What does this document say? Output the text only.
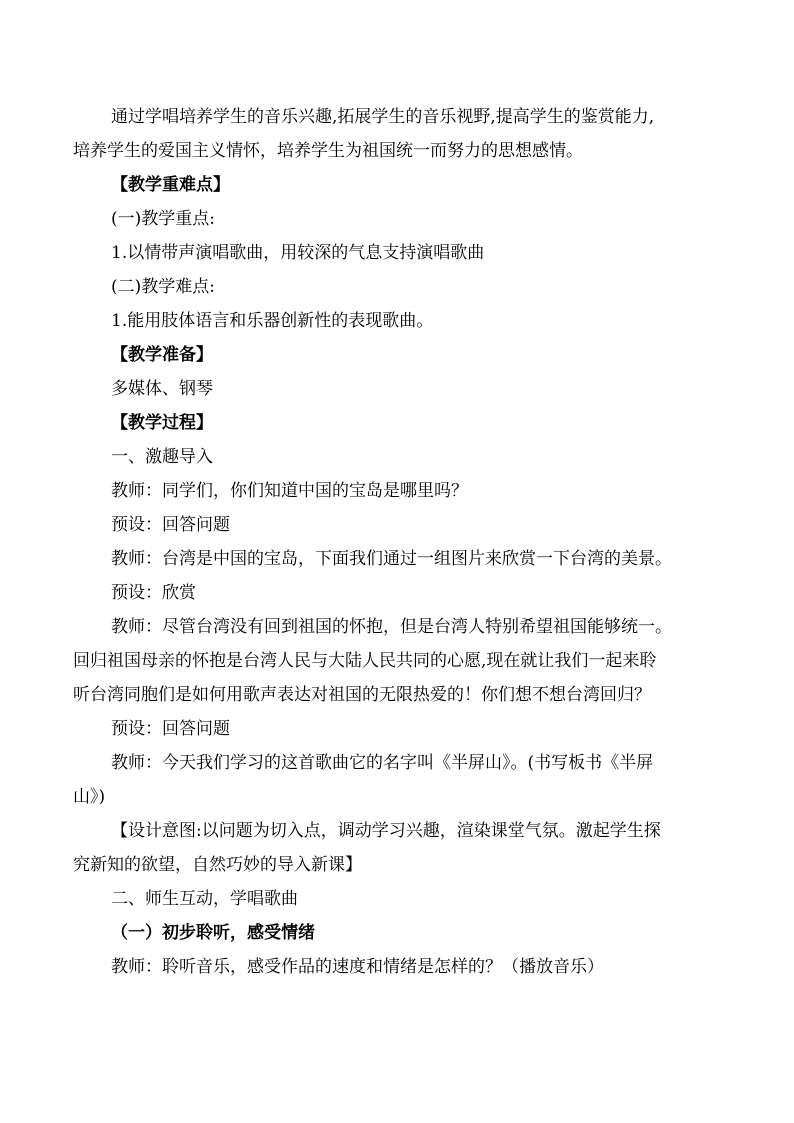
通过学唱培养学生的音乐兴趣,拓展学生的音乐视野,提高学生的鉴赏能力,

培养学生的爱国主义情怀，培养学生为祖国统一而努力的思想感情。

【教学重难点】

(一)教学重点:

1.以情带声演唱歌曲，用较深的气息支持演唱歌曲

(二)教学难点:

1.能用肢体语言和乐器创新性的表现歌曲。

【教学准备】

多媒体、钢琴

【教学过程】

一、激趣导入

教师：同学们，你们知道中国的宝岛是哪里吗？

预设：回答问题

教师：台湾是中国的宝岛，下面我们通过一组图片来欣赏一下台湾的美景。

预设：欣赏

教师：尽管台湾没有回到祖国的怀抱，但是台湾人特别希望祖国能够统一。

回归祖国母亲的怀抱是台湾人民与大陆人民共同的心愿,现在就让我们一起来聆

听台湾同胞们是如何用歌声表达对祖国的无限热爱的！你们想不想台湾回归？

预设：回答问题

教师：今天我们学习的这首歌曲它的名字叫《半屏山》。(书写板书《半屏

山》)

【设计意图:以问题为切入点，调动学习兴趣，渲染课堂气氛。激起学生探

究新知的欲望，自然巧妙的导入新课】

二、师生互动，学唱歌曲

（一）初步聆听，感受情绪

教师：聆听音乐，感受作品的速度和情绪是怎样的？（播放音乐）
